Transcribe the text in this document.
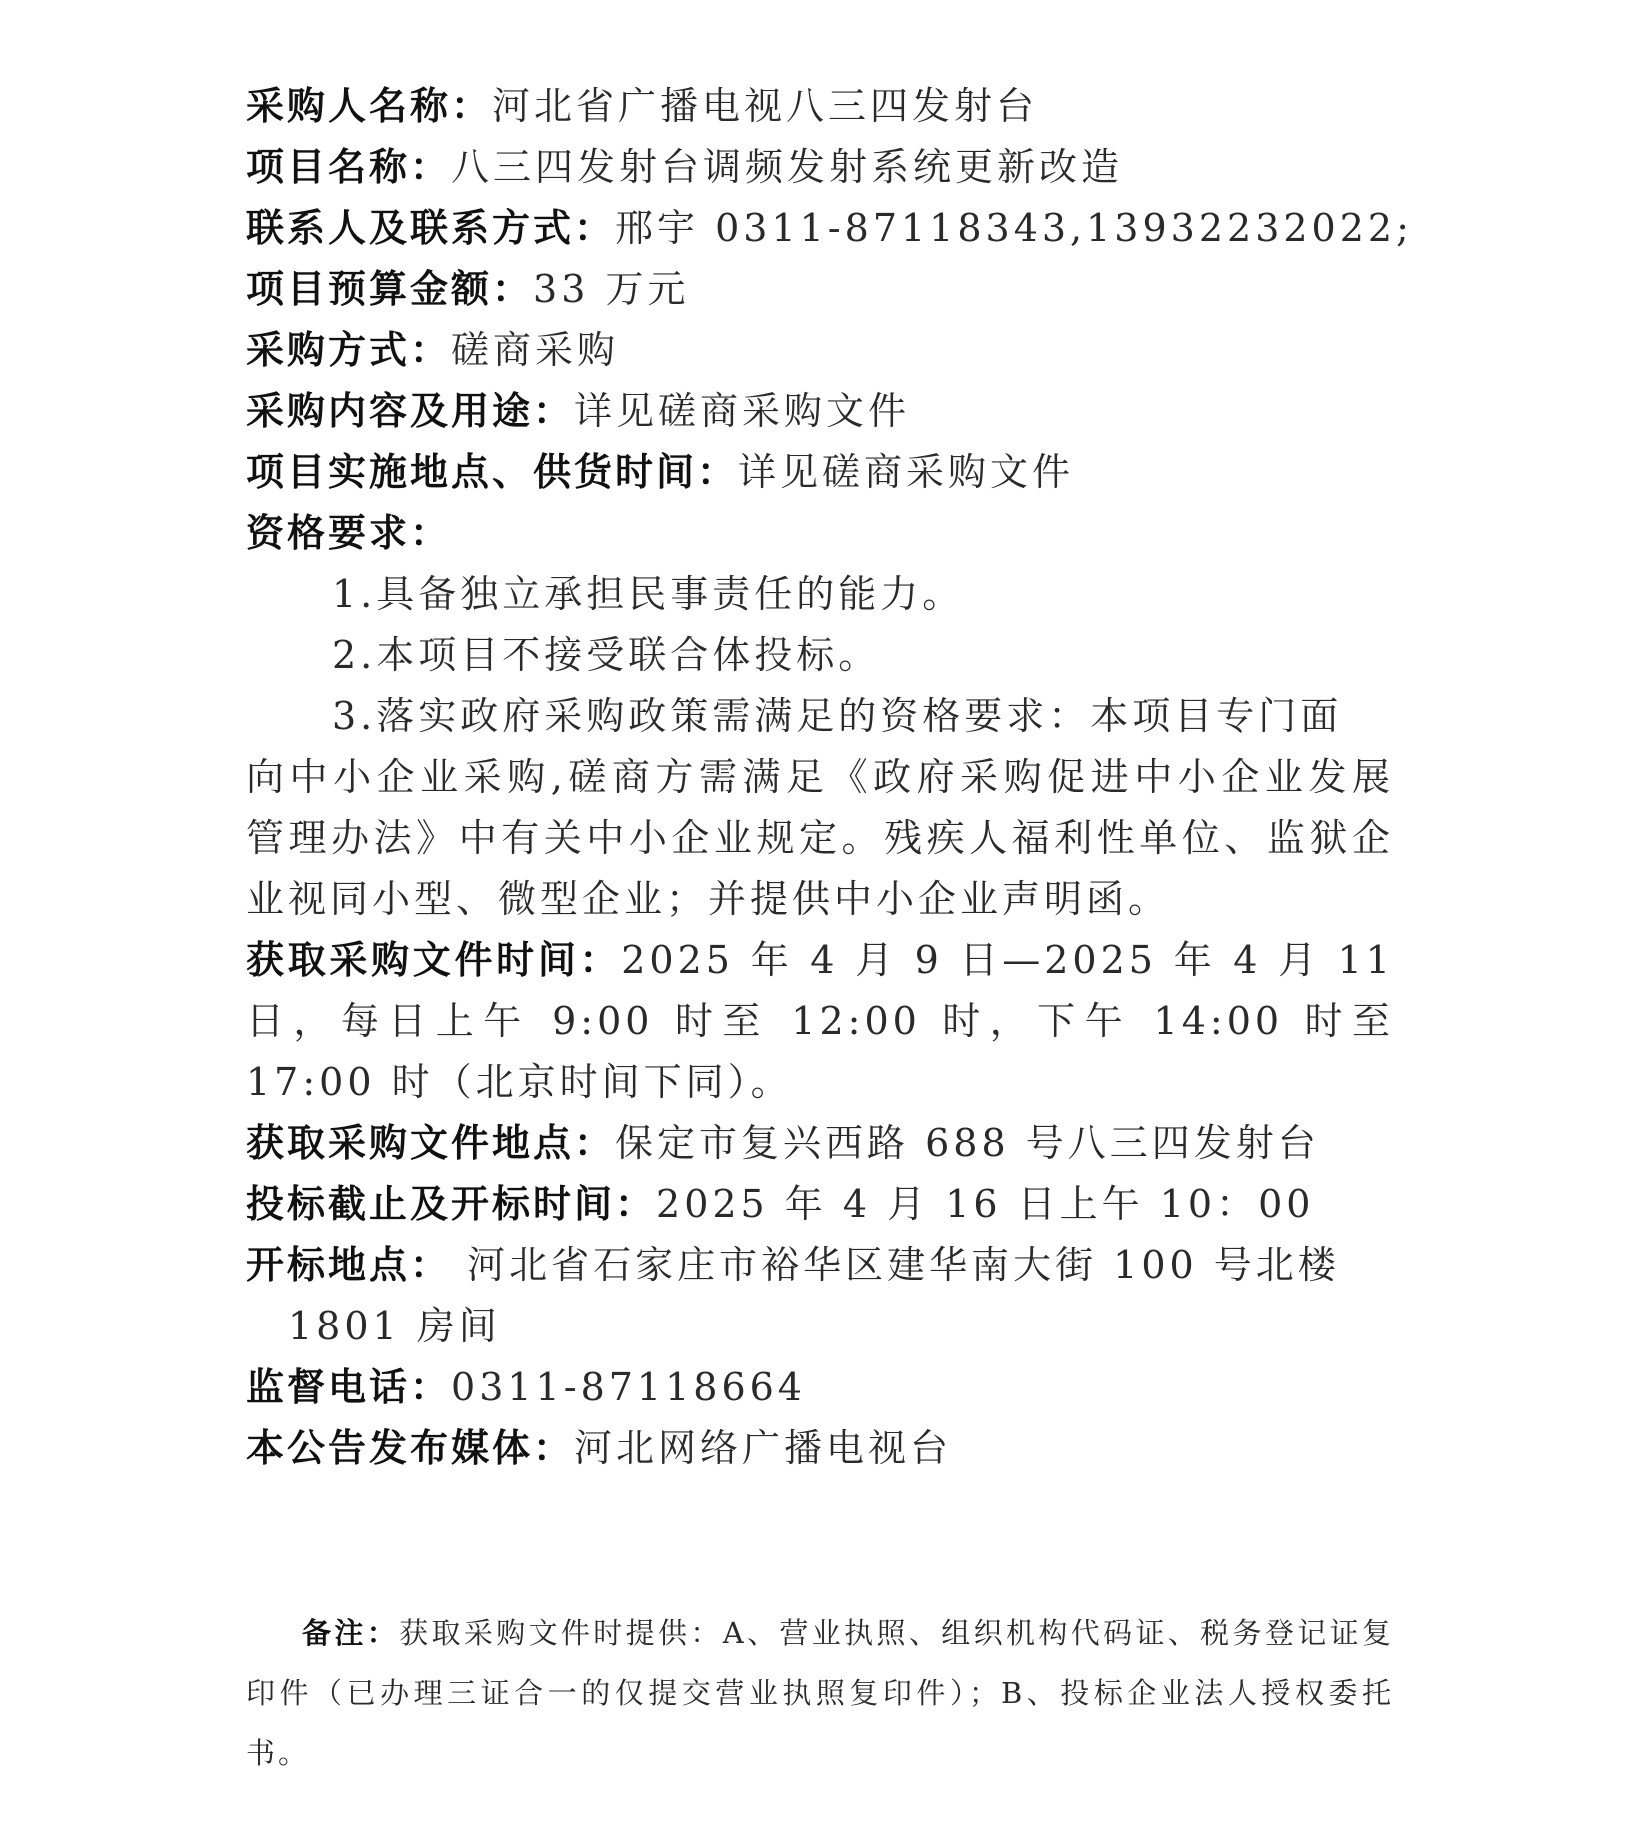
采购人名称：河北省广播电视八三四发射台
项目名称：八三四发射台调频发射系统更新改造
联系人及联系方式：邢宇 0311-87118343,13932232022;
项目预算金额：33 万元
采购方式：磋商采购
采购内容及用途：详见磋商采购文件
项目实施地点、供货时间：详见磋商采购文件
资格要求：
1.具备独立承担民事责任的能力。
2.本项目不接受联合体投标。
3.落实政府采购政策需满足的资格要求：本项目专门面
向中小企业采购,磋商方需满足《政府采购促进中小企业发展管理办法》中有关中小企业规定。残疾人福利性单位、监狱企业视同小型、微型企业；并提供中小企业声明函。
获取采购文件时间：2025 年 4 月 9 日—2025 年 4 月 11 日，每日上午 9:00 时至 12:00 时，下午 14:00 时至 17:00 时（北京时间下同）。
获取采购文件地点：保定市复兴西路 688 号八三四发射台
投标截止及开标时间：2025 年 4 月 16 日上午 10：00
开标地点： 河北省石家庄市裕华区建华南大街 100 号北楼
1801 房间
监督电话：0311-87118664
本公告发布媒体：河北网络广播电视台
备注：获取采购文件时提供：A、营业执照、组织机构代码证、税务登记证复印件（已办理三证合一的仅提交营业执照复印件）；B、投标企业法人授权委托书。
